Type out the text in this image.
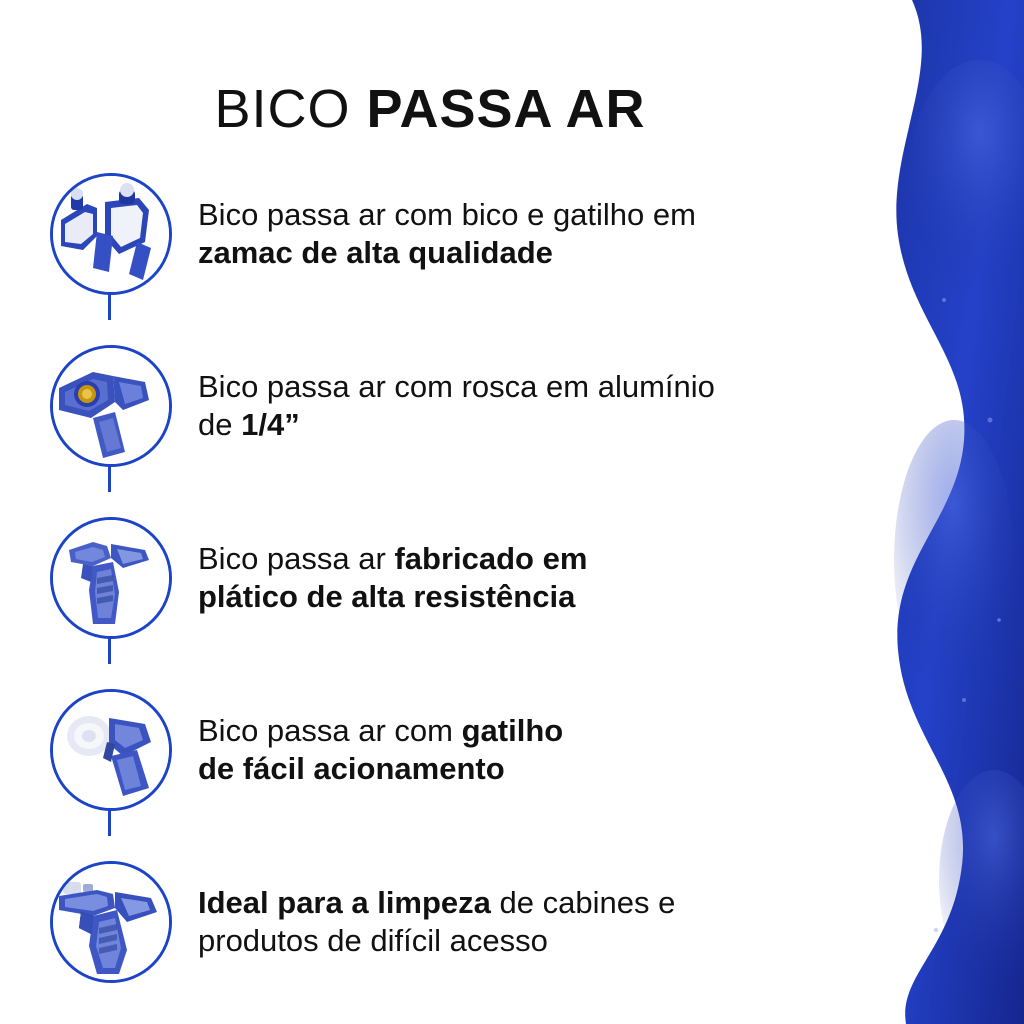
BICO PASSA AR
Bico passa ar com bico e gatilho em
zamac de alta qualidade
Bico passa ar com rosca em alumínio
de 1/4”
Bico passa ar fabricado em
plático de alta resistência
Bico passa ar com gatilho
de fácil acionamento
Ideal para a limpeza de cabines e
produtos de difícil acesso
